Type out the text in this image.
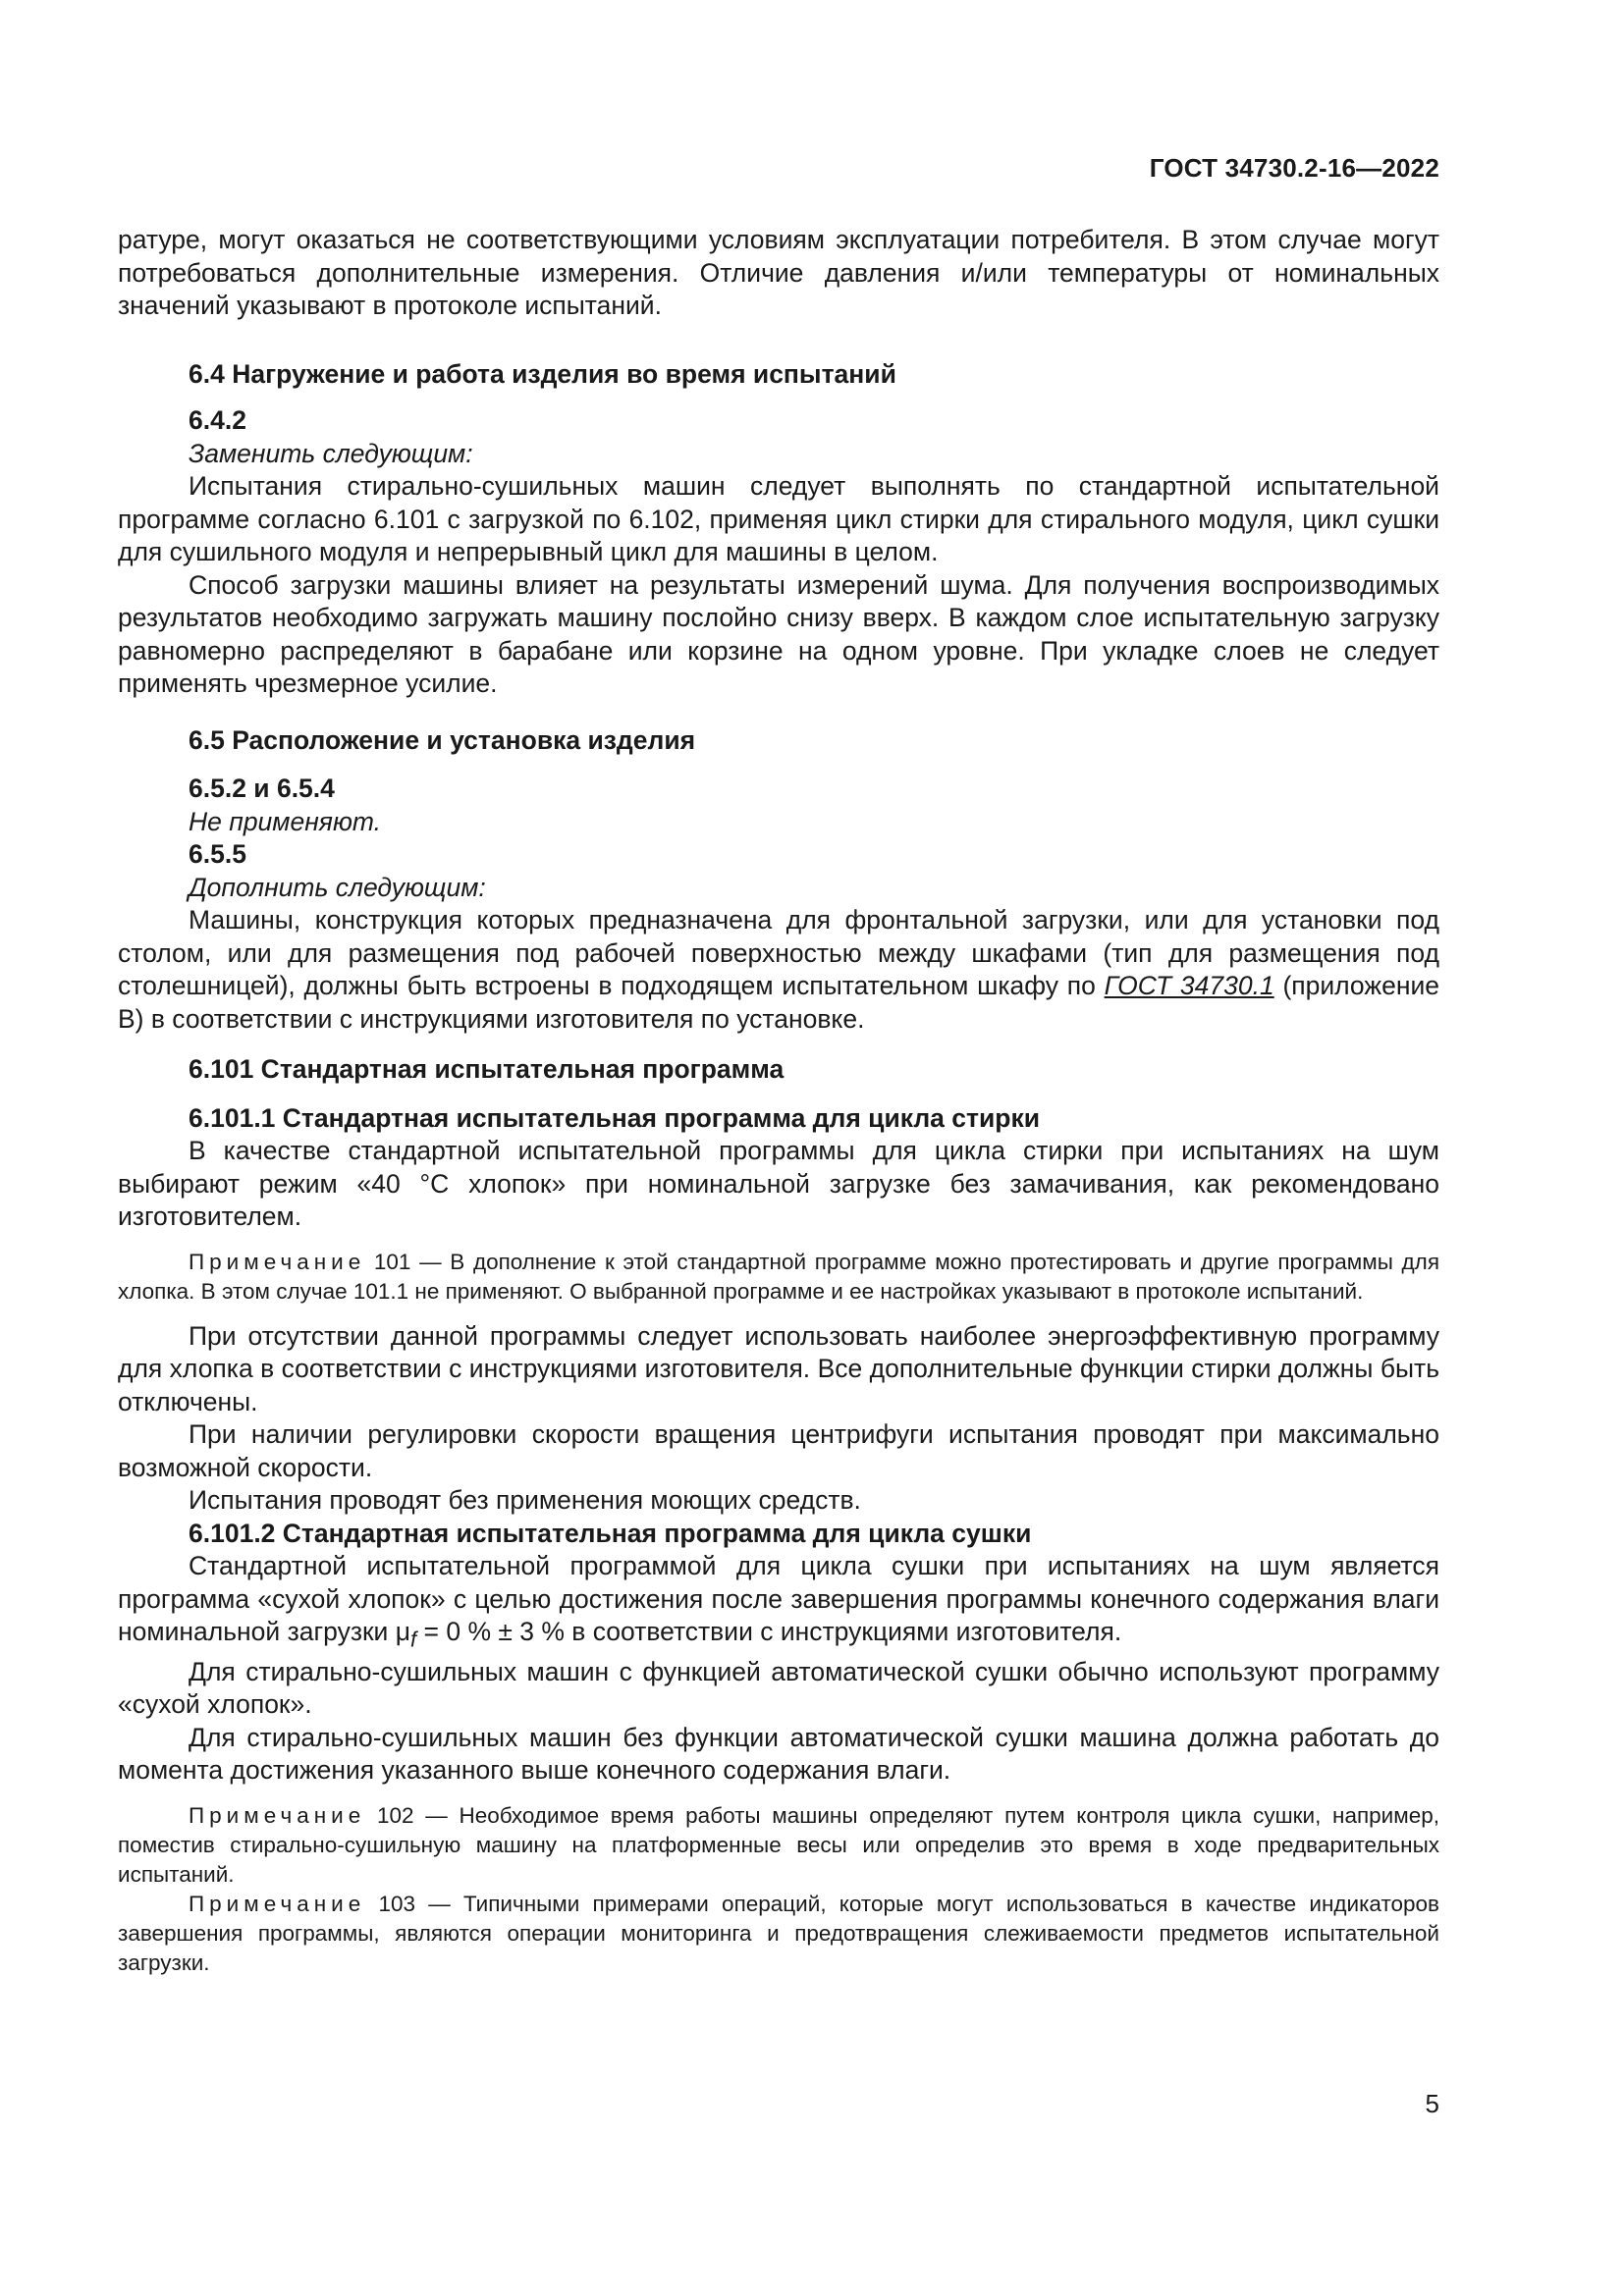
ГОСТ 34730.2-16—2022

ратуре, могут оказаться не соответствующими условиям эксплуатации потребителя. В этом случае могут потребоваться дополнительные измерения. Отличие давления и/или температуры от номинальных значений указывают в протоколе испытаний.

6.4 Нагружение и работа изделия во время испытаний

6.4.2

Заменить следующим:

Испытания стирально-сушильных машин следует выполнять по стандартной испытательной программе согласно 6.101 с загрузкой по 6.102, применяя цикл стирки для стирального модуля, цикл сушки для сушильного модуля и непрерывный цикл для машины в целом.

Способ загрузки машины влияет на результаты измерений шума. Для получения воспроизводимых результатов необходимо загружать машину послойно снизу вверх. В каждом слое испытательную загрузку равномерно распределяют в барабане или корзине на одном уровне. При укладке слоев не следует применять чрезмерное усилие.

6.5 Расположение и установка изделия

6.5.2 и 6.5.4

Не применяют.

6.5.5

Дополнить следующим:

Машины, конструкция которых предназначена для фронтальной загрузки, или для установки под столом, или для размещения под рабочей поверхностью между шкафами (тип для размещения под столешницей), должны быть встроены в подходящем испытательном шкафу по ГОСТ 34730.1 (приложение В) в соответствии с инструкциями изготовителя по установке.

6.101 Стандартная испытательная программа

6.101.1 Стандартная испытательная программа для цикла стирки

В качестве стандартной испытательной программы для цикла стирки при испытаниях на шум выбирают режим «40 °С хлопок» при номинальной загрузке без замачивания, как рекомендовано изготовителем.

Примечание 101 — В дополнение к этой стандартной программе можно протестировать и другие программы для хлопка. В этом случае 101.1 не применяют. О выбранной программе и ее настройках указывают в протоколе испытаний.

При отсутствии данной программы следует использовать наиболее энергоэффективную программу для хлопка в соответствии с инструкциями изготовителя. Все дополнительные функции стирки должны быть отключены.

При наличии регулировки скорости вращения центрифуги испытания проводят при максимально возможной скорости.

Испытания проводят без применения моющих средств.

6.101.2 Стандартная испытательная программа для цикла сушки

Стандартной испытательной программой для цикла сушки при испытаниях на шум является программа «сухой хлопок» с целью достижения после завершения программы конечного содержания влаги номинальной загрузки $\mu_f = 0$ % ± 3 % в соответствии с инструкциями изготовителя.

Для стирально-сушильных машин с функцией автоматической сушки обычно используют программу «сухой хлопок».

Для стирально-сушильных машин без функции автоматической сушки машина должна работать до момента достижения указанного выше конечного содержания влаги.

Примечание 102 — Необходимое время работы машины определяют путем контроля цикла сушки, например, поместив стирально-сушильную машину на платформенные весы или определив это время в ходе предварительных испытаний.

Примечание 103 — Типичными примерами операций, которые могут использоваться в качестве индикаторов завершения программы, являются операции мониторинга и предотвращения слеживаемости предметов испытательной загрузки.

5
